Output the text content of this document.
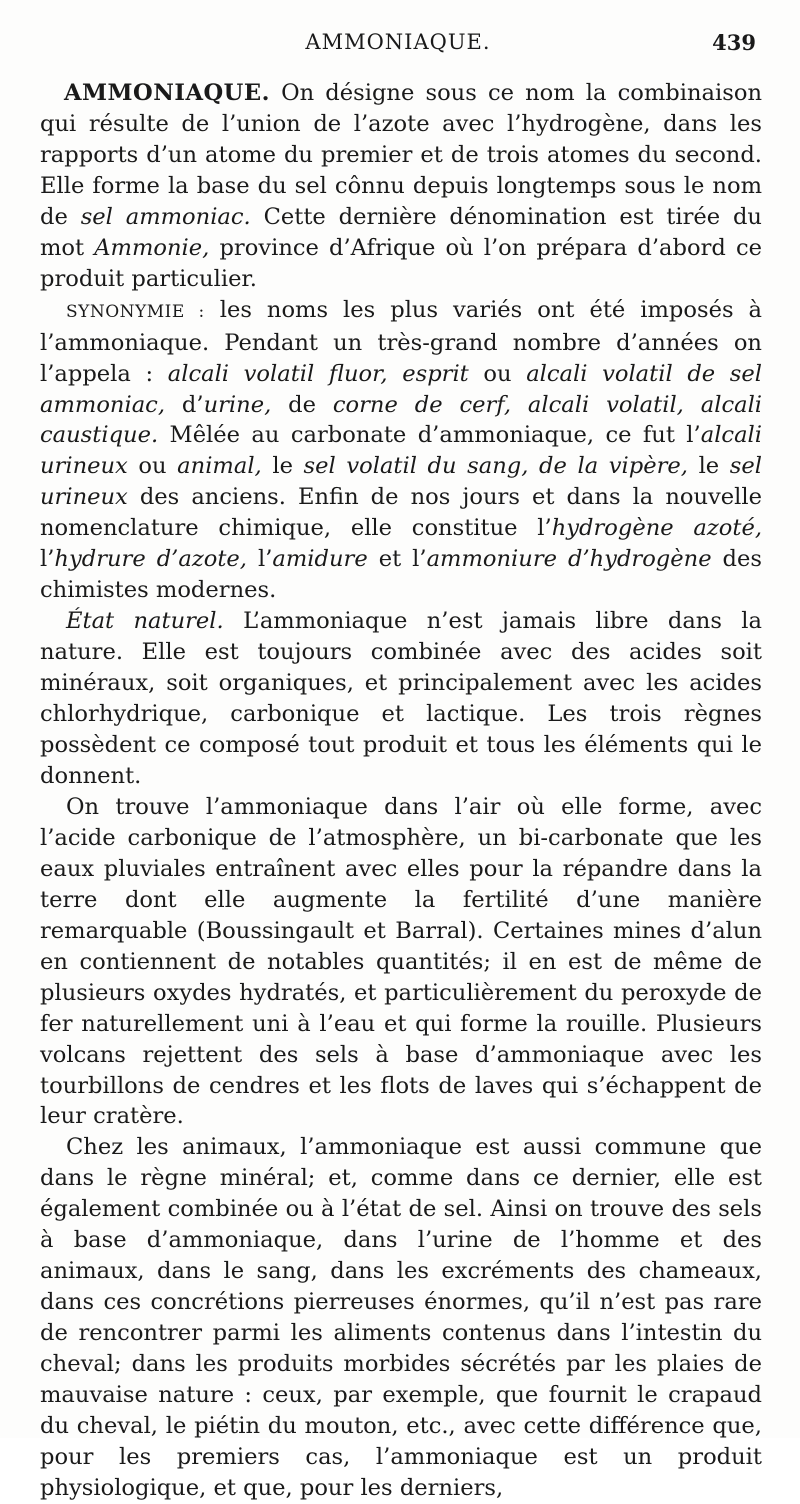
AMMONIAQUE.	439

AMMONIAQUE. On désigne sous ce nom la combinaison qui résulte de l’union de l’azote avec l’hydrogène, dans les rapports d’un atome du premier et de trois atomes du second. Elle forme la base du sel cônnu depuis longtemps sous le nom de sel ammoniac. Cette dernière dénomination est tirée du mot Ammonie, province d’Afrique où l’on prépara d’abord ce produit particulier.

SYNONYMIE : les noms les plus variés ont été imposés à l’ammoniaque. Pendant un très-grand nombre d’années on l’appela : alcali volatil fluor, esprit ou alcali volatil de sel ammoniac, d’urine, de corne de cerf, alcali volatil, alcali caustique. Mêlée au carbonate d’ammoniaque, ce fut l’alcali urineux ou animal, le sel volatil du sang, de la vipère, le sel urineux des anciens. Enfin de nos jours et dans la nouvelle nomenclature chimique, elle constitue l’hydrogène azoté, l’hydrure d’azote, l’amidure et l’ammoniure d’hydrogène des chimistes modernes.

État naturel. L’ammoniaque n’est jamais libre dans la nature. Elle est toujours combinée avec des acides soit minéraux, soit organiques, et principalement avec les acides chlorhydrique, carbonique et lactique. Les trois règnes possèdent ce composé tout produit et tous les éléments qui le donnent.

On trouve l’ammoniaque dans l’air où elle forme, avec l’acide carbonique de l’atmosphère, un bi-carbonate que les eaux pluviales entraînent avec elles pour la répandre dans la terre dont elle augmente la fertilité d’une manière remarquable (Boussingault et Barral). Certaines mines d’alun en contiennent de notables quantités; il en est de même de plusieurs oxydes hydratés, et particulièrement du peroxyde de fer naturellement uni à l’eau et qui forme la rouille. Plusieurs volcans rejettent des sels à base d’ammoniaque avec les tourbillons de cendres et les flots de laves qui s’échappent de leur cratère.

Chez les animaux, l’ammoniaque est aussi commune que dans le règne minéral; et, comme dans ce dernier, elle est également combinée ou à l’état de sel. Ainsi on trouve des sels à base d’ammoniaque, dans l’urine de l’homme et des animaux, dans le sang, dans les excréments des chameaux, dans ces concrétions pierreuses énormes, qu’il n’est pas rare de rencontrer parmi les aliments contenus dans l’intestin du cheval; dans les produits morbides sécrétés par les plaies de mauvaise nature : ceux, par exemple, que fournit le crapaud du cheval, le piétin du mouton, etc., avec cette différence que, pour les premiers cas, l’ammoniaque est un produit physiologique, et que, pour les derniers,
